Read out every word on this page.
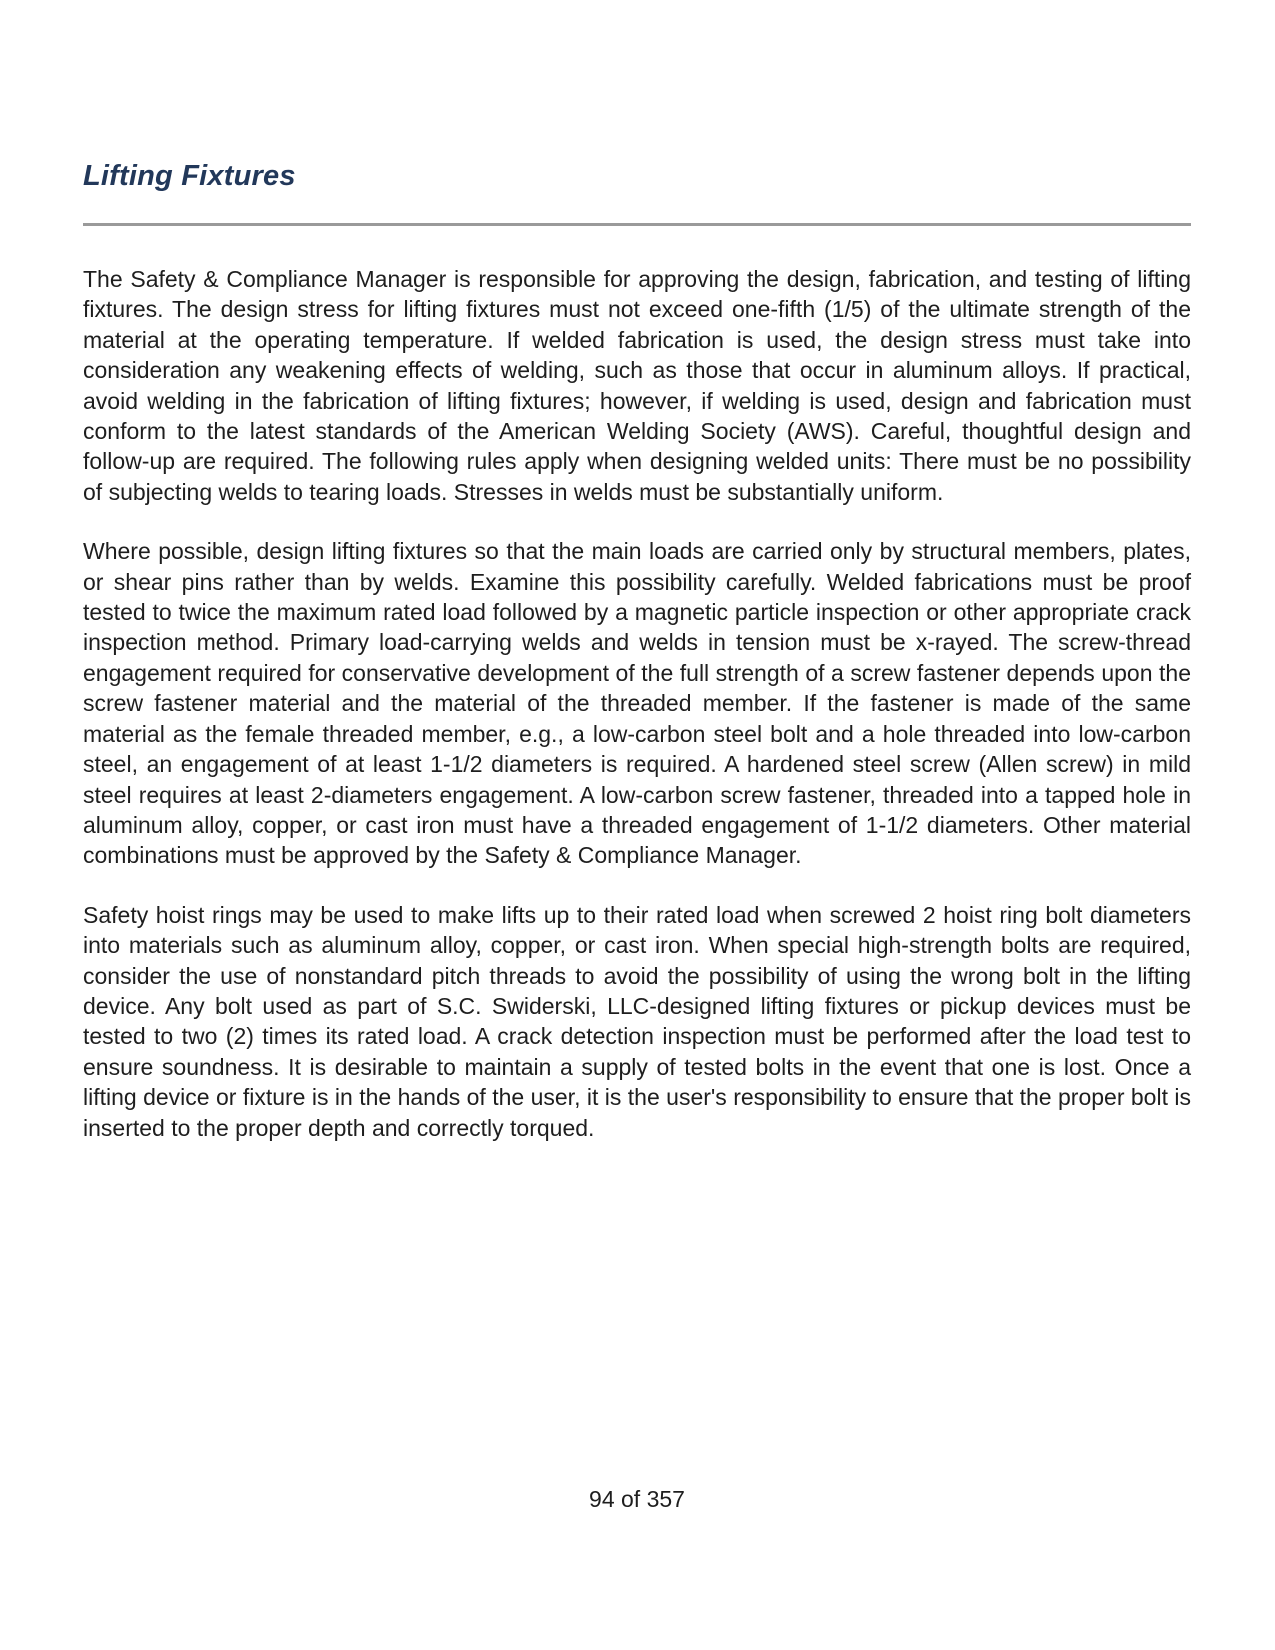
Lifting Fixtures

The Safety & Compliance Manager is responsible for approving the design, fabrication, and testing of lifting fixtures. The design stress for lifting fixtures must not exceed one-fifth (1/5) of the ultimate strength of the material at the operating temperature. If welded fabrication is used, the design stress must take into consideration any weakening effects of welding, such as those that occur in aluminum alloys. If practical, avoid welding in the fabrication of lifting fixtures; however, if welding is used, design and fabrication must conform to the latest standards of the American Welding Society (AWS). Careful, thoughtful design and follow-up are required. The following rules apply when designing welded units: There must be no possibility of subjecting welds to tearing loads. Stresses in welds must be substantially uniform.

Where possible, design lifting fixtures so that the main loads are carried only by structural members, plates, or shear pins rather than by welds. Examine this possibility carefully. Welded fabrications must be proof tested to twice the maximum rated load followed by a magnetic particle inspection or other appropriate crack inspection method. Primary load-carrying welds and welds in tension must be x-rayed. The screw-thread engagement required for conservative development of the full strength of a screw fastener depends upon the screw fastener material and the material of the threaded member. If the fastener is made of the same material as the female threaded member, e.g., a low-carbon steel bolt and a hole threaded into low-carbon steel, an engagement of at least 1-1/2 diameters is required. A hardened steel screw (Allen screw) in mild steel requires at least 2-diameters engagement. A low-carbon screw fastener, threaded into a tapped hole in aluminum alloy, copper, or cast iron must have a threaded engagement of 1-1/2 diameters. Other material combinations must be approved by the Safety & Compliance Manager.

Safety hoist rings may be used to make lifts up to their rated load when screwed 2 hoist ring bolt diameters into materials such as aluminum alloy, copper, or cast iron. When special high-strength bolts are required, consider the use of nonstandard pitch threads to avoid the possibility of using the wrong bolt in the lifting device. Any bolt used as part of S.C. Swiderski, LLC-designed lifting fixtures or pickup devices must be tested to two (2) times its rated load. A crack detection inspection must be performed after the load test to ensure soundness. It is desirable to maintain a supply of tested bolts in the event that one is lost. Once a lifting device or fixture is in the hands of the user, it is the user's responsibility to ensure that the proper bolt is inserted to the proper depth and correctly torqued.

94 of 357
